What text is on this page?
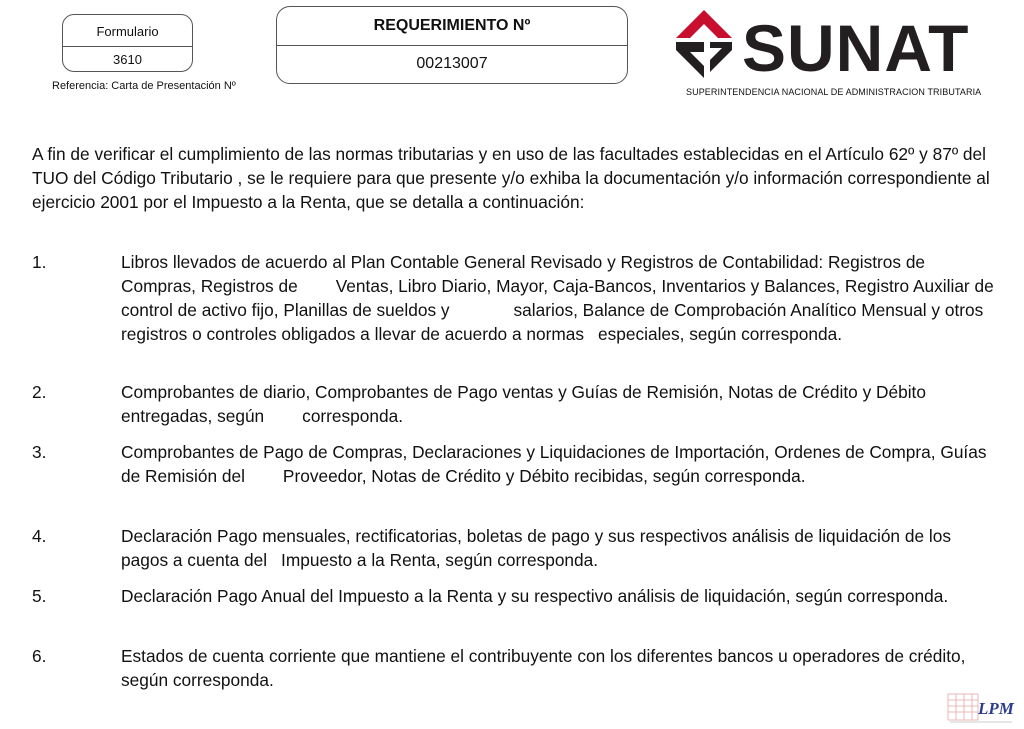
Formulario
3610
Referencia: Carta de Presentación Nº
REQUERIMIENTO Nº
00213007	SUNAT
SUPERINTENDENCIA NACIONAL DE ADMINISTRACION TRIBUTARIA

A fin de verificar el cumplimiento de las normas tributarias y en uso de las facultades establecidas en el Artículo 62º y 87º del TUO del Código Tributario , se le requiere para que presente y/o exhiba la documentación y/o información correspondiente al ejercicio 2001 por el Impuesto a la Renta, que se detalla a continuación:

1.	Libros llevados de acuerdo al Plan Contable General Revisado y Registros de Contabilidad: Registros de Compras, Registros de Ventas, Libro Diario, Mayor, Caja-Bancos, Inventarios y Balances, Registro Auxiliar de control de activo fijo, Planillas de sueldos y	salarios, Balance de Comprobación Analítico Mensual y otros registros o controles obligados a llevar de acuerdo a normas especiales, según corresponda.
2.	Comprobantes de diario, Comprobantes de Pago ventas y Guías de Remisión, Notas de Crédito y Débito entregadas, según corresponda.
3.	Comprobantes de Pago de Compras, Declaraciones y Liquidaciones de Importación, Ordenes de Compra, Guías de Remisión del Proveedor, Notas de Crédito y Débito recibidas, según corresponda.
4.	Declaración Pago mensuales, rectificatorias, boletas de pago y sus respectivos análisis de liquidación de los pagos a cuenta del Impuesto a la Renta, según corresponda.
5.	Declaración Pago Anual del Impuesto a la Renta y su respectivo análisis de liquidación, según corresponda.
6.	Estados de cuenta corriente que mantiene el contribuyente con los diferentes bancos u operadores de crédito, según corresponda.
LPM
